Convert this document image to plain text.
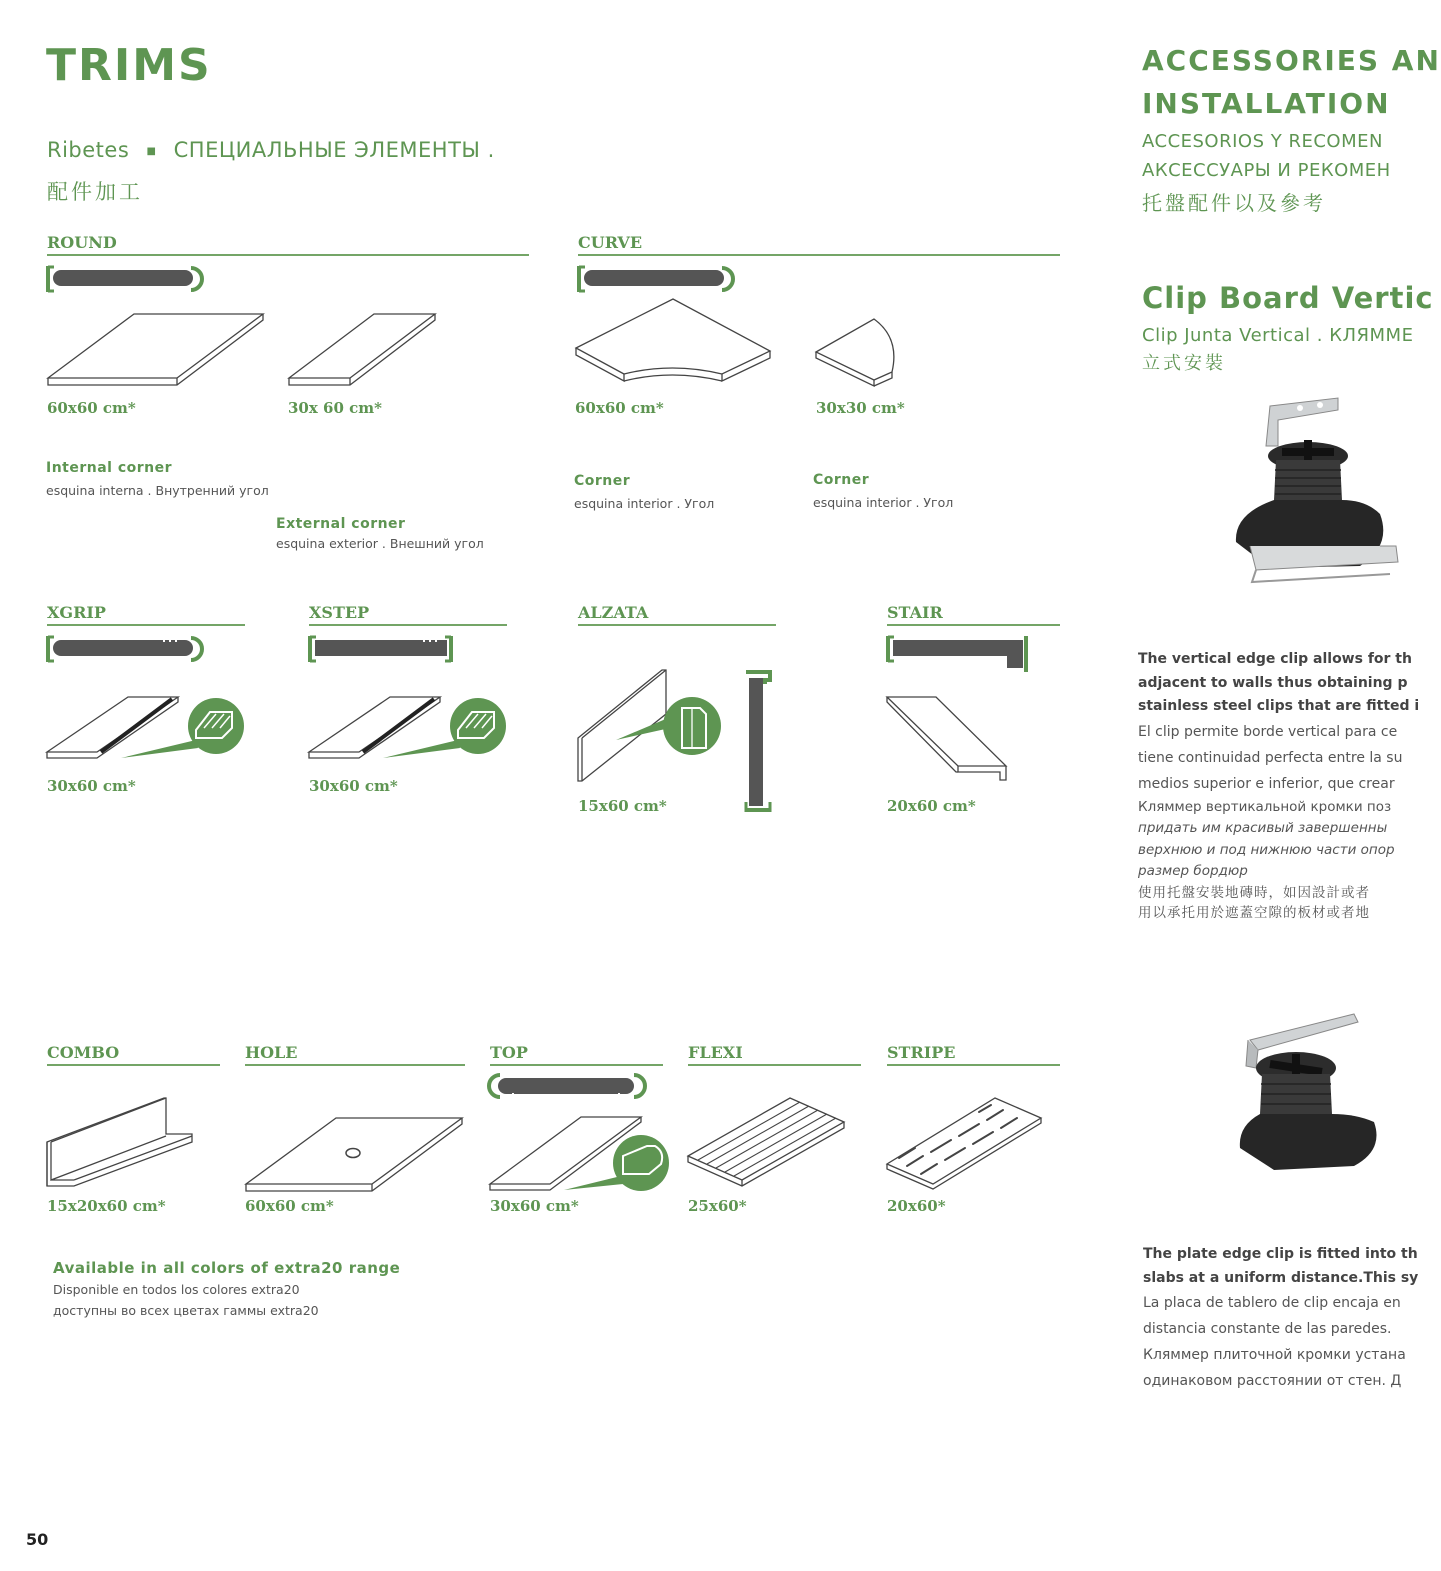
TRIMS
Ribetes ■ СПЕЦИАЛЬНЫЕ ЭЛЕМЕНТЫ .
配件加工
ROUND
60x60 cm*	30x 60 cm*
Internal corner
esquina interna . Внутренний угол
External corner
esquina exterior . Внешний угол
CURVE
60x60 cm*	30x30 cm*
Corner
esquina interior . Угол
Corner
esquina interior . Угол
XGRIP
30x60 cm*
XSTEP
30x60 cm*
ALZATA
15x60 cm*
STAIR
20x60 cm*
COMBO
15x20x60 cm*
HOLE
60x60 cm*
TOP
30x60 cm*
FLEXI
25x60*
STRIPE
20x60*
Available in all colors of extra20 range
Disponible en todos los colores extra20
доступны во всех цветах гаммы extra20
50
ACCESSORIES AN
INSTALLATION
ACCESORIOS Y RECOMEN
АКСЕССУАРЫ И РЕКОМЕН
托盤配件以及參考
Clip Board Vertic
Clip Junta Vertical . КЛЯММЕ
立式安裝
The vertical edge clip allows for th
adjacent to walls thus obtaining p
stainless steel clips that are fitted i
El clip permite borde vertical para ce
tiene continuidad perfecta entre la su
medios superior e inferior, que crear
Кляммер вертикальной кромки поз
придать им красивый завершенны
верхнюю и под нижнюю части опор
размер бордюр
使用托盤安裝地磚時，如因設計或者
用以承托用於遮蓋空隙的板材或者地
The plate edge clip is fitted into th
slabs at a uniform distance.This sy
La placa de tablero de clip encaja en
distancia constante de las paredes.
Кляммер плиточной кромки устана
одинаковом расстоянии от стен. Д
